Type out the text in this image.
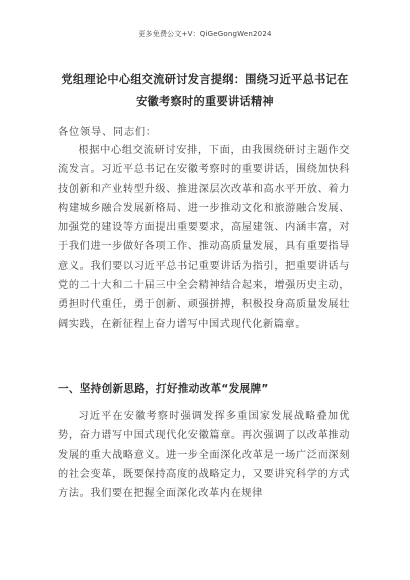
更多免费公文+V：QiGeGongWen2024
党组理论中心组交流研讨发言提纲：围绕习近平总书记在
安徽考察时的重要讲话精神
各位领导、同志们：

根据中心组交流研讨安排，下面，由我围绕研讨主题作交流发言。习近平总书记在安徽考察时的重要讲话，围绕加快科技创新和产业转型升级、推进深层次改革和高水平开放、着力构建城乡融合发展新格局、进一步推动文化和旅游融合发展、加强党的建设等方面提出重要要求，高屋建瓴、内涵丰富，对于我们进一步做好各项工作、推动高质量发展，具有重要指导意义。我们要以习近平总书记重要讲话为指引，把重要讲话与党的二十大和二十届三中全会精神结合起来，增强历史主动，勇担时代重任，勇于创新、顽强拼搏，积极投身高质量发展壮阔实践，在新征程上奋力谱写中国式现代化新篇章。

一、坚持创新思路，打好推动改革“发展牌”

习近平在安徽考察时强调发挥多重国家发展战略叠加优势，奋力谱写中国式现代化安徽篇章。再次强调了以改革推动发展的重大战略意义。进一步全面深化改革是一场广泛而深刻的社会变革，既要保持高度的战略定力，又要讲究科学的方式方法。我们要在把握全面深化改革内在规律
